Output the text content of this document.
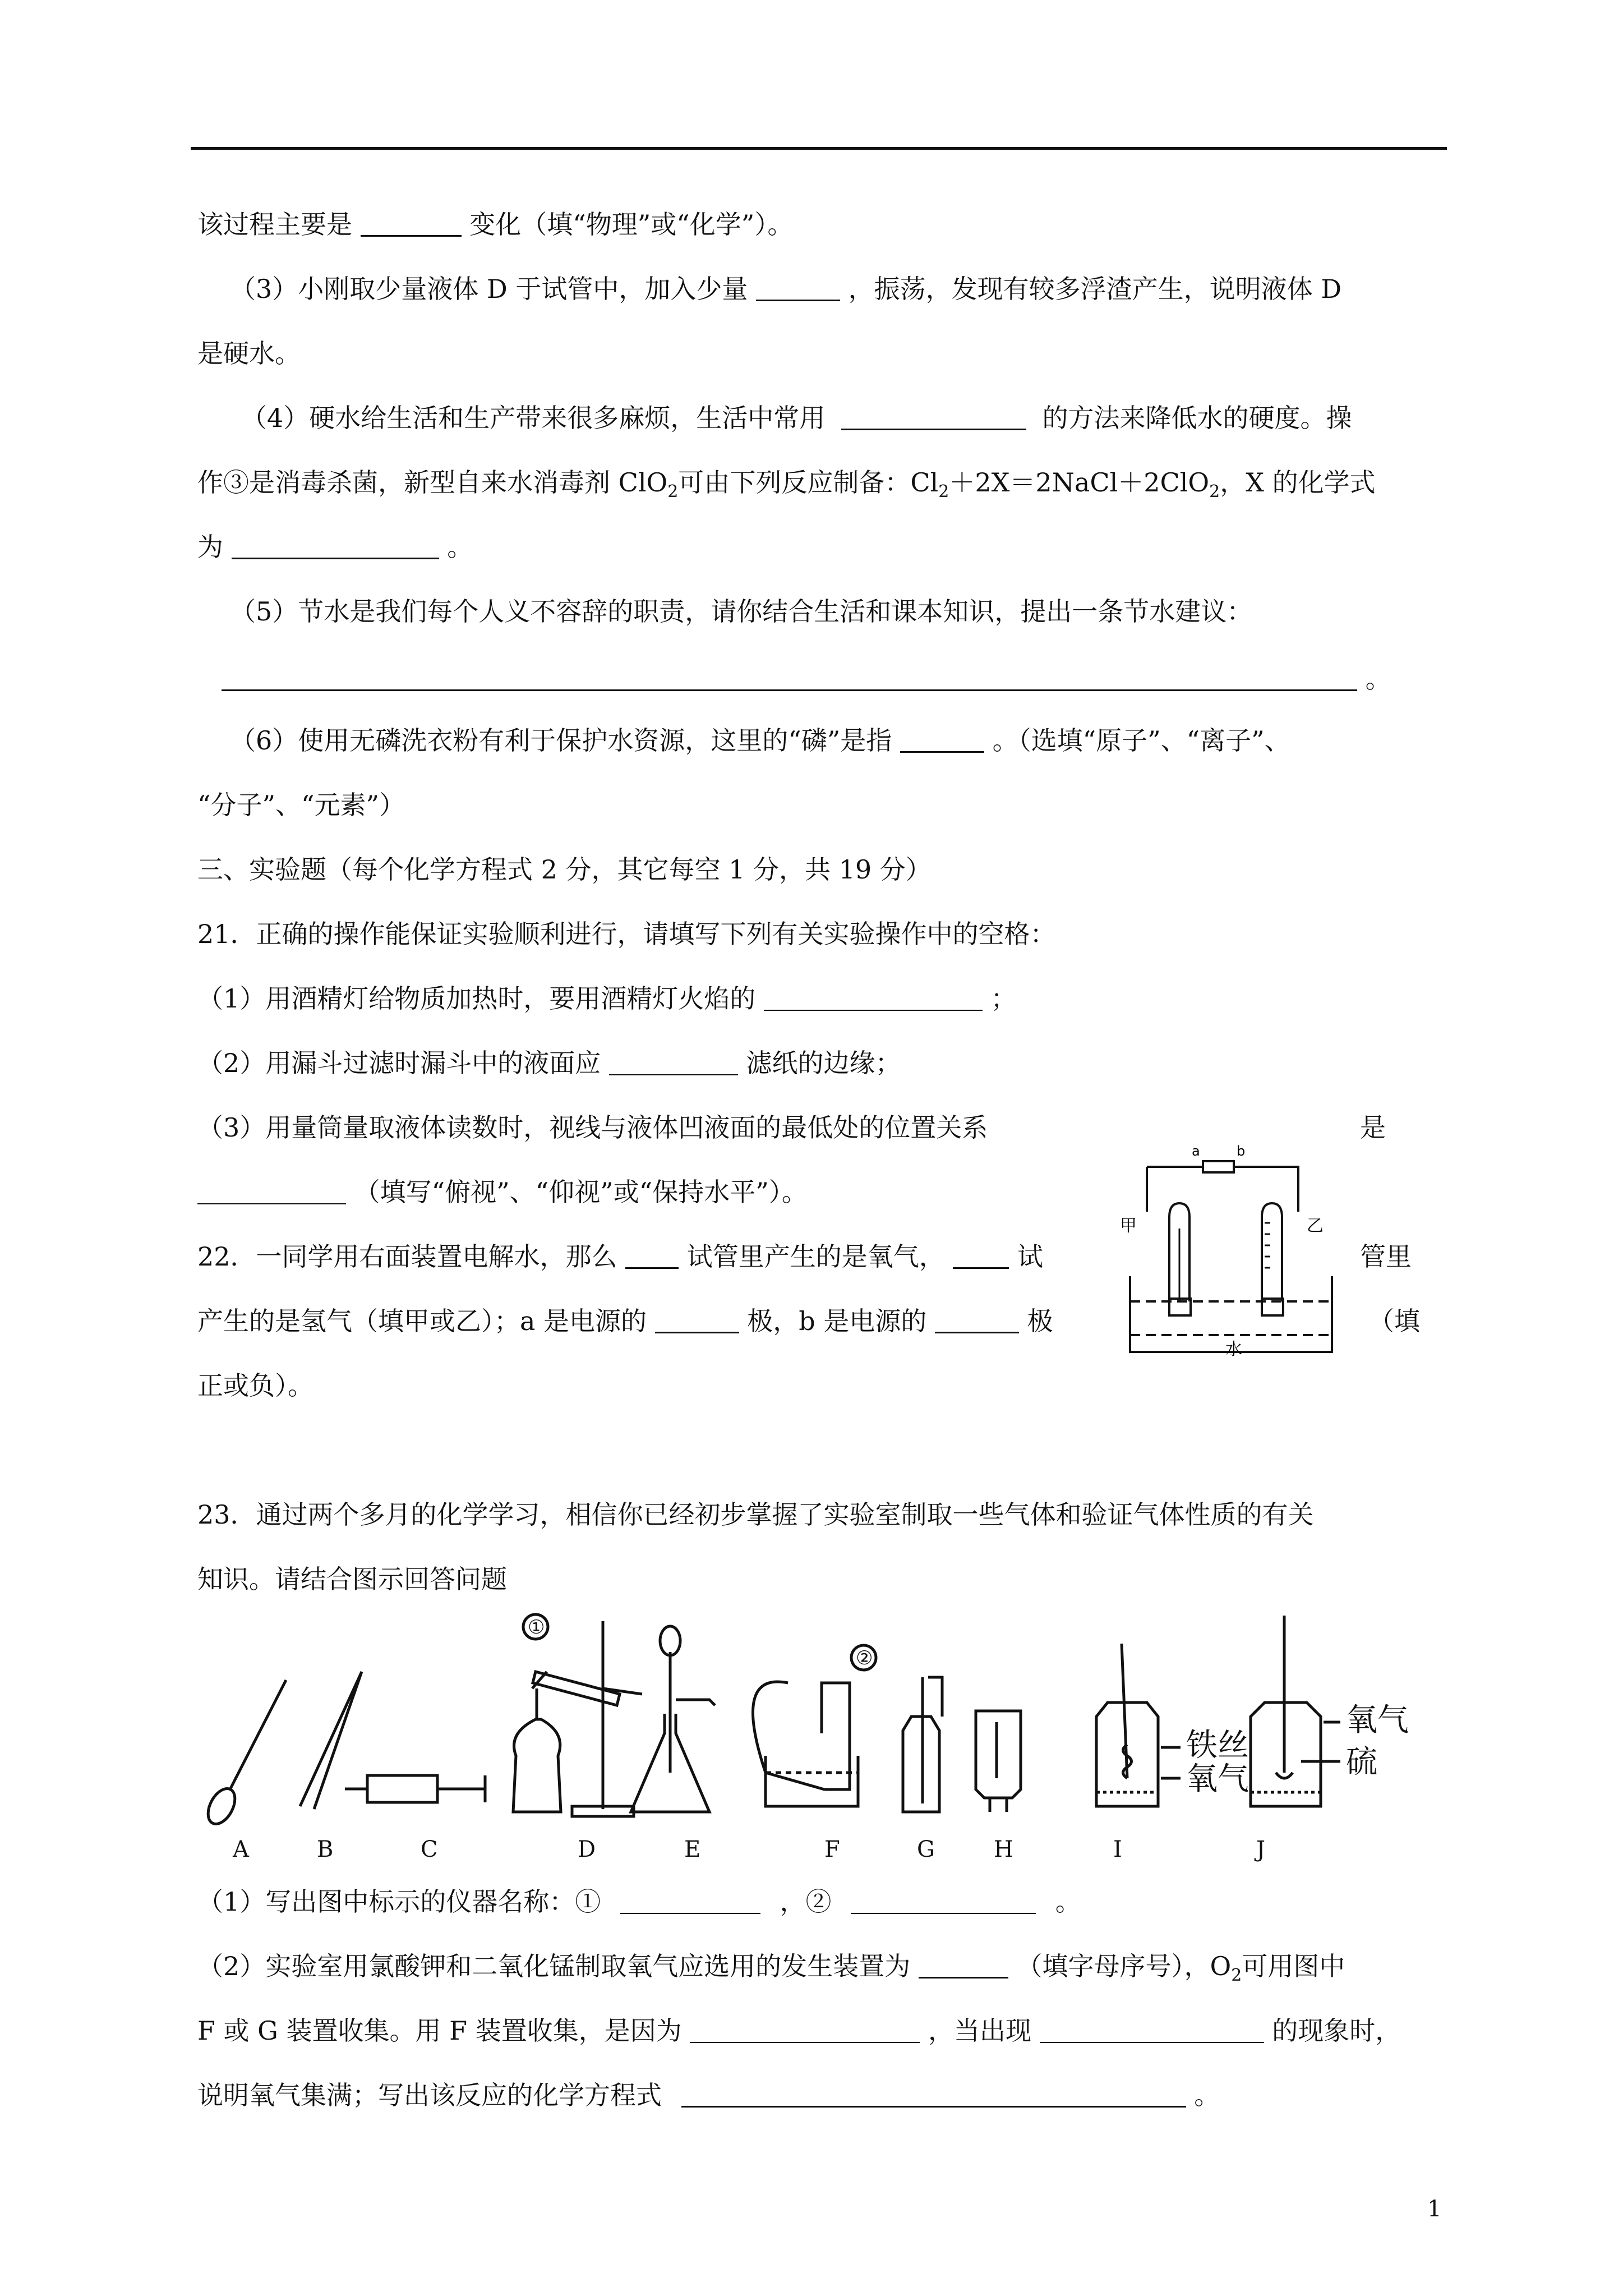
该过程主要是	变化（填“物理”或“化学”）。
（3）小刚取少量液体 D 于试管中，加入少量	，振荡，发现有较多浮渣产生，说明液体 D
是硬水。
（4）硬水给生活和生产带来很多麻烦，生活中常用	的方法来降低水的硬度。操
作③是消毒杀菌，新型自来水消毒剂 ClO$_2$可由下列反应制备：$Cl_2+2X=2NaCl+2ClO_2$，X 的化学式
为	。
（5）节水是我们每个人义不容辞的职责，请你结合生活和课本知识，提出一条节水建议：
。
（6）使用无磷洗衣粉有利于保护水资源，这里的“磷”是指	。（选填“原子”、“离子”、
“分子”、“元素”）
三、实验题（每个化学方程式 2 分，其它每空 1 分，共 19 分）
21．正确的操作能保证实验顺利进行，请填写下列有关实验操作中的空格：
（1）用酒精灯给物质加热时，要用酒精灯火焰的	；
（2）用漏斗过滤时漏斗中的液面应	滤纸的边缘；
（3）用量筒量取液体读数时，视线与液体凹液面的最低处的位置关系	是
（填写“俯视”、“仰视”或“保持水平”）。
22．一同学用右面装置电解水，那么	试管里产生的是氧气，	试	管里
产生的是氢气（填甲或乙）；a 是电源的	极，b 是电源的	极	（填
正或负）。
a	b
甲	乙
水
23．通过两个多月的化学学习，相信你已经初步掌握了实验室制取一些气体和验证气体性质的有关
知识。请结合图示回答问题
①
②
铁丝
氧气
氧气
硫
A	B	C	D	E	F	G	H	I	J
（1）写出图中标示的仪器名称：①	，②	。
（2）实验室用氯酸钾和二氧化锰制取氧气应选用的发生装置为	（填字母序号），$O_2$可用图中
F 或 G 装置收集。用 F 装置收集，是因为	，当出现	的现象时，
说明氧气集满；写出该反应的化学方程式	。
1
